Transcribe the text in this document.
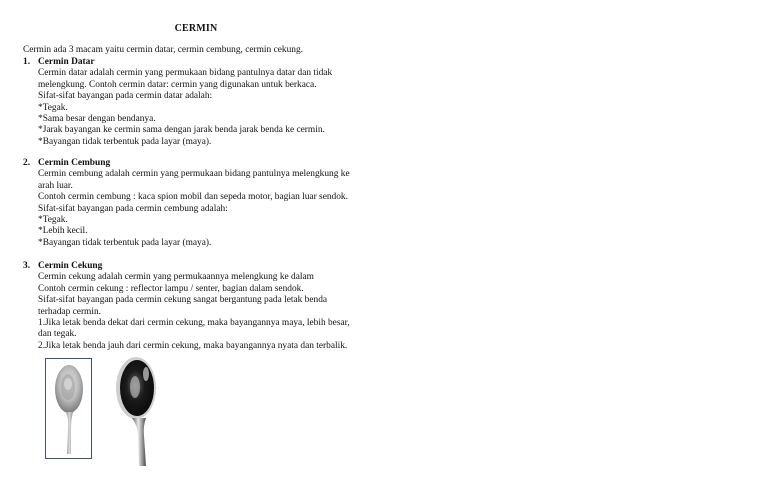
CERMIN
Cermin ada 3 macam yaitu cermin datar, cermin cembung, cermin cekung.
1. Cermin Datar
Cermin datar adalah cermin yang permukaan bidang pantulnya datar dan tidak
melengkung. Contoh cermin datar: cermin yang digunakan untuk berkaca.
Sifat-sifat bayangan pada cermin datar adalah:
*Tegak.
*Sama besar dengan bendanya.
*Jarak bayangan ke cermin sama dengan jarak benda jarak benda ke cermin.
*Bayangan tidak terbentuk pada layar (maya).
2. Cermin Cembung
Cermin cembung adalah cermin yang permukaan bidang pantulnya melengkung ke
arah luar.
Contoh cermin cembung : kaca spion mobil dan sepeda motor, bagian luar sendok.
Sifat-sifat bayangan pada cermin cembung adalah:
*Tegak.
*Lebih kecil.
*Bayangan tidak terbentuk pada layar (maya).
3. Cermin Cekung
Cermin cekung adalah cermin yang permukaannya melengkung ke dalam
Contoh cermin cekung : reflector lampu / senter, bagian dalam sendok.
Sifat-sifat bayangan pada cermin cekung sangat bergantung pada letak benda
terhadap cermin.
1.Jika letak benda dekat dari cermin cekung, maka bayangannya maya, lebih besar,
dan tegak.
2.Jika letak benda jauh dari cermin cekung, maka bayangannya nyata dan terbalik.
